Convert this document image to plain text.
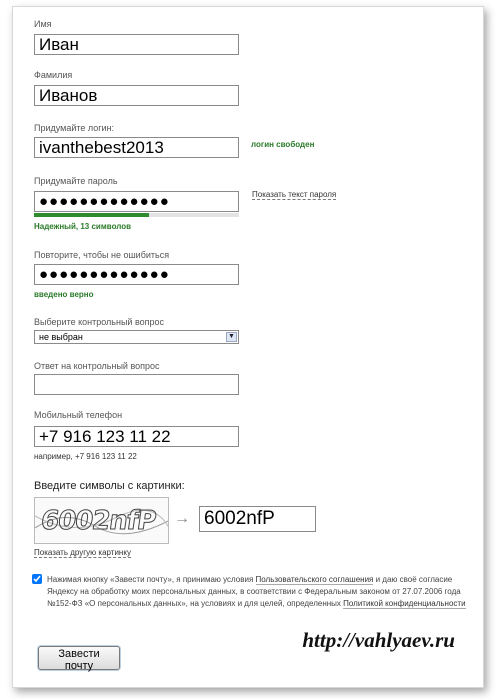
Имя
Иван
Фамилия
Иванов
Придумайте логин:
ivanthebest2013
логин свободен
Придумайте пароль
●●●●●●●●●●●●●
Показать текст пароля
Надежный, 13 символов
Повторите, чтобы не ошибиться
●●●●●●●●●●●●●
введено верно
Выберите контрольный вопрос
не выбран	▼
Ответ на контрольный вопрос
Мобильный телефон
+7 916 123 11 22
например, +7 916 123 11 22
Введите символы с картинки:
6002nfP →
6002nfP
Показать другую картинку
Нажимая кнопку «Завести почту», я принимаю условия Пользовательского соглашения и даю своё согласие Яндексу на обработку моих персональных данных, в соответствии с Федеральным законом от 27.07.2006 года №152-ФЗ «О персональных данных», на условиях и для целей, определенных Политикой конфиденциальности
Завести почту
http://vahlyaev.ru
